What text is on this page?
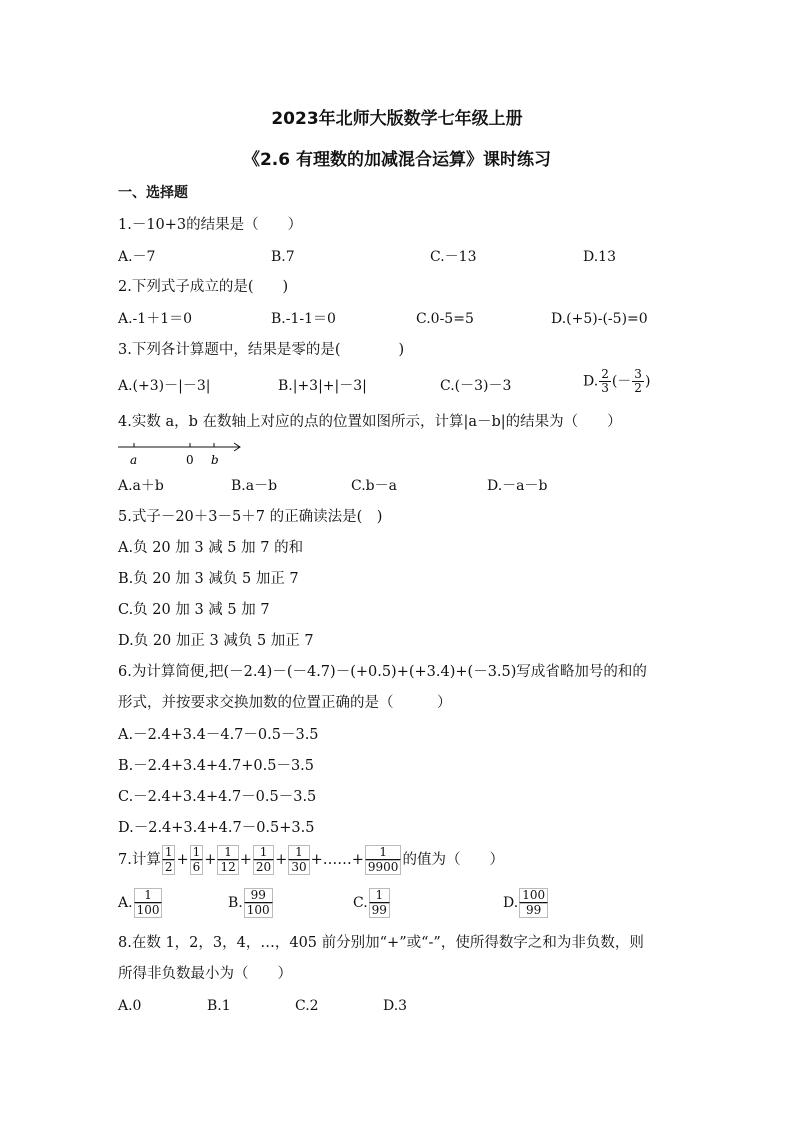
2023年北师大版数学七年级上册
《2.6 有理数的加减混合运算》课时练习
一、选择题
1.－10+3的结果是（　　）
A.－7	B.7	C.－13	D.13
2.下列式子成立的是(　　)
A.-1＋1＝0	B.-1-1＝0	C.0-5=5	D.(+5)-(-5)=0
3.下列各计算题中，结果是零的是(　　　　)
A.(+3)－|－3|	B.|+3|+|－3|	C.(－3)－3	D. $\frac{2}{3}$ (－ $\frac{3}{2}$ )
4.实数 a，b 在数轴上对应的点的位置如图所示，计算|a－b|的结果为（　　）
a	0 b
A.a＋b	B.a－b	C.b－a	D.－a－b
5.式子－20＋3－5＋7 的正确读法是(　)
A.负 20 加 3 减 5 加 7 的和
B.负 20 加 3 减负 5 加正 7
C.负 20 加 3 减 5 加 7
D.负 20 加正 3 减负 5 加正 7
6.为计算简便,把(－2.4)－(－4.7)－(+0.5)+(+3.4)+(－3.5)写成省略加号的和的
形式，并按要求交换加数的位置正确的是（　　　）
A.－2.4+3.4－4.7－0.5－3.5
B.－2.4+3.4+4.7+0.5－3.5
C.－2.4+3.4+4.7－0.5－3.5
D.－2.4+3.4+4.7－0.5+3.5
7.计算 $\frac{1}{2} + \frac{1}{6} + \frac{1}{12} + \frac{1}{20} + \frac{1}{30}$ +……+ $\frac{1}{9900}$ 的值为（　　）
A. $\frac{1}{100}$	B. $\frac{99}{100}$	C. $\frac{1}{99}$	D. $\frac{100}{99}$
8.在数 1，2，3，4，…，405 前分别加“+”或“-”，使所得数字之和为非负数，则
所得非负数最小为（　　）
A.0	B.1	C.2	D.3
